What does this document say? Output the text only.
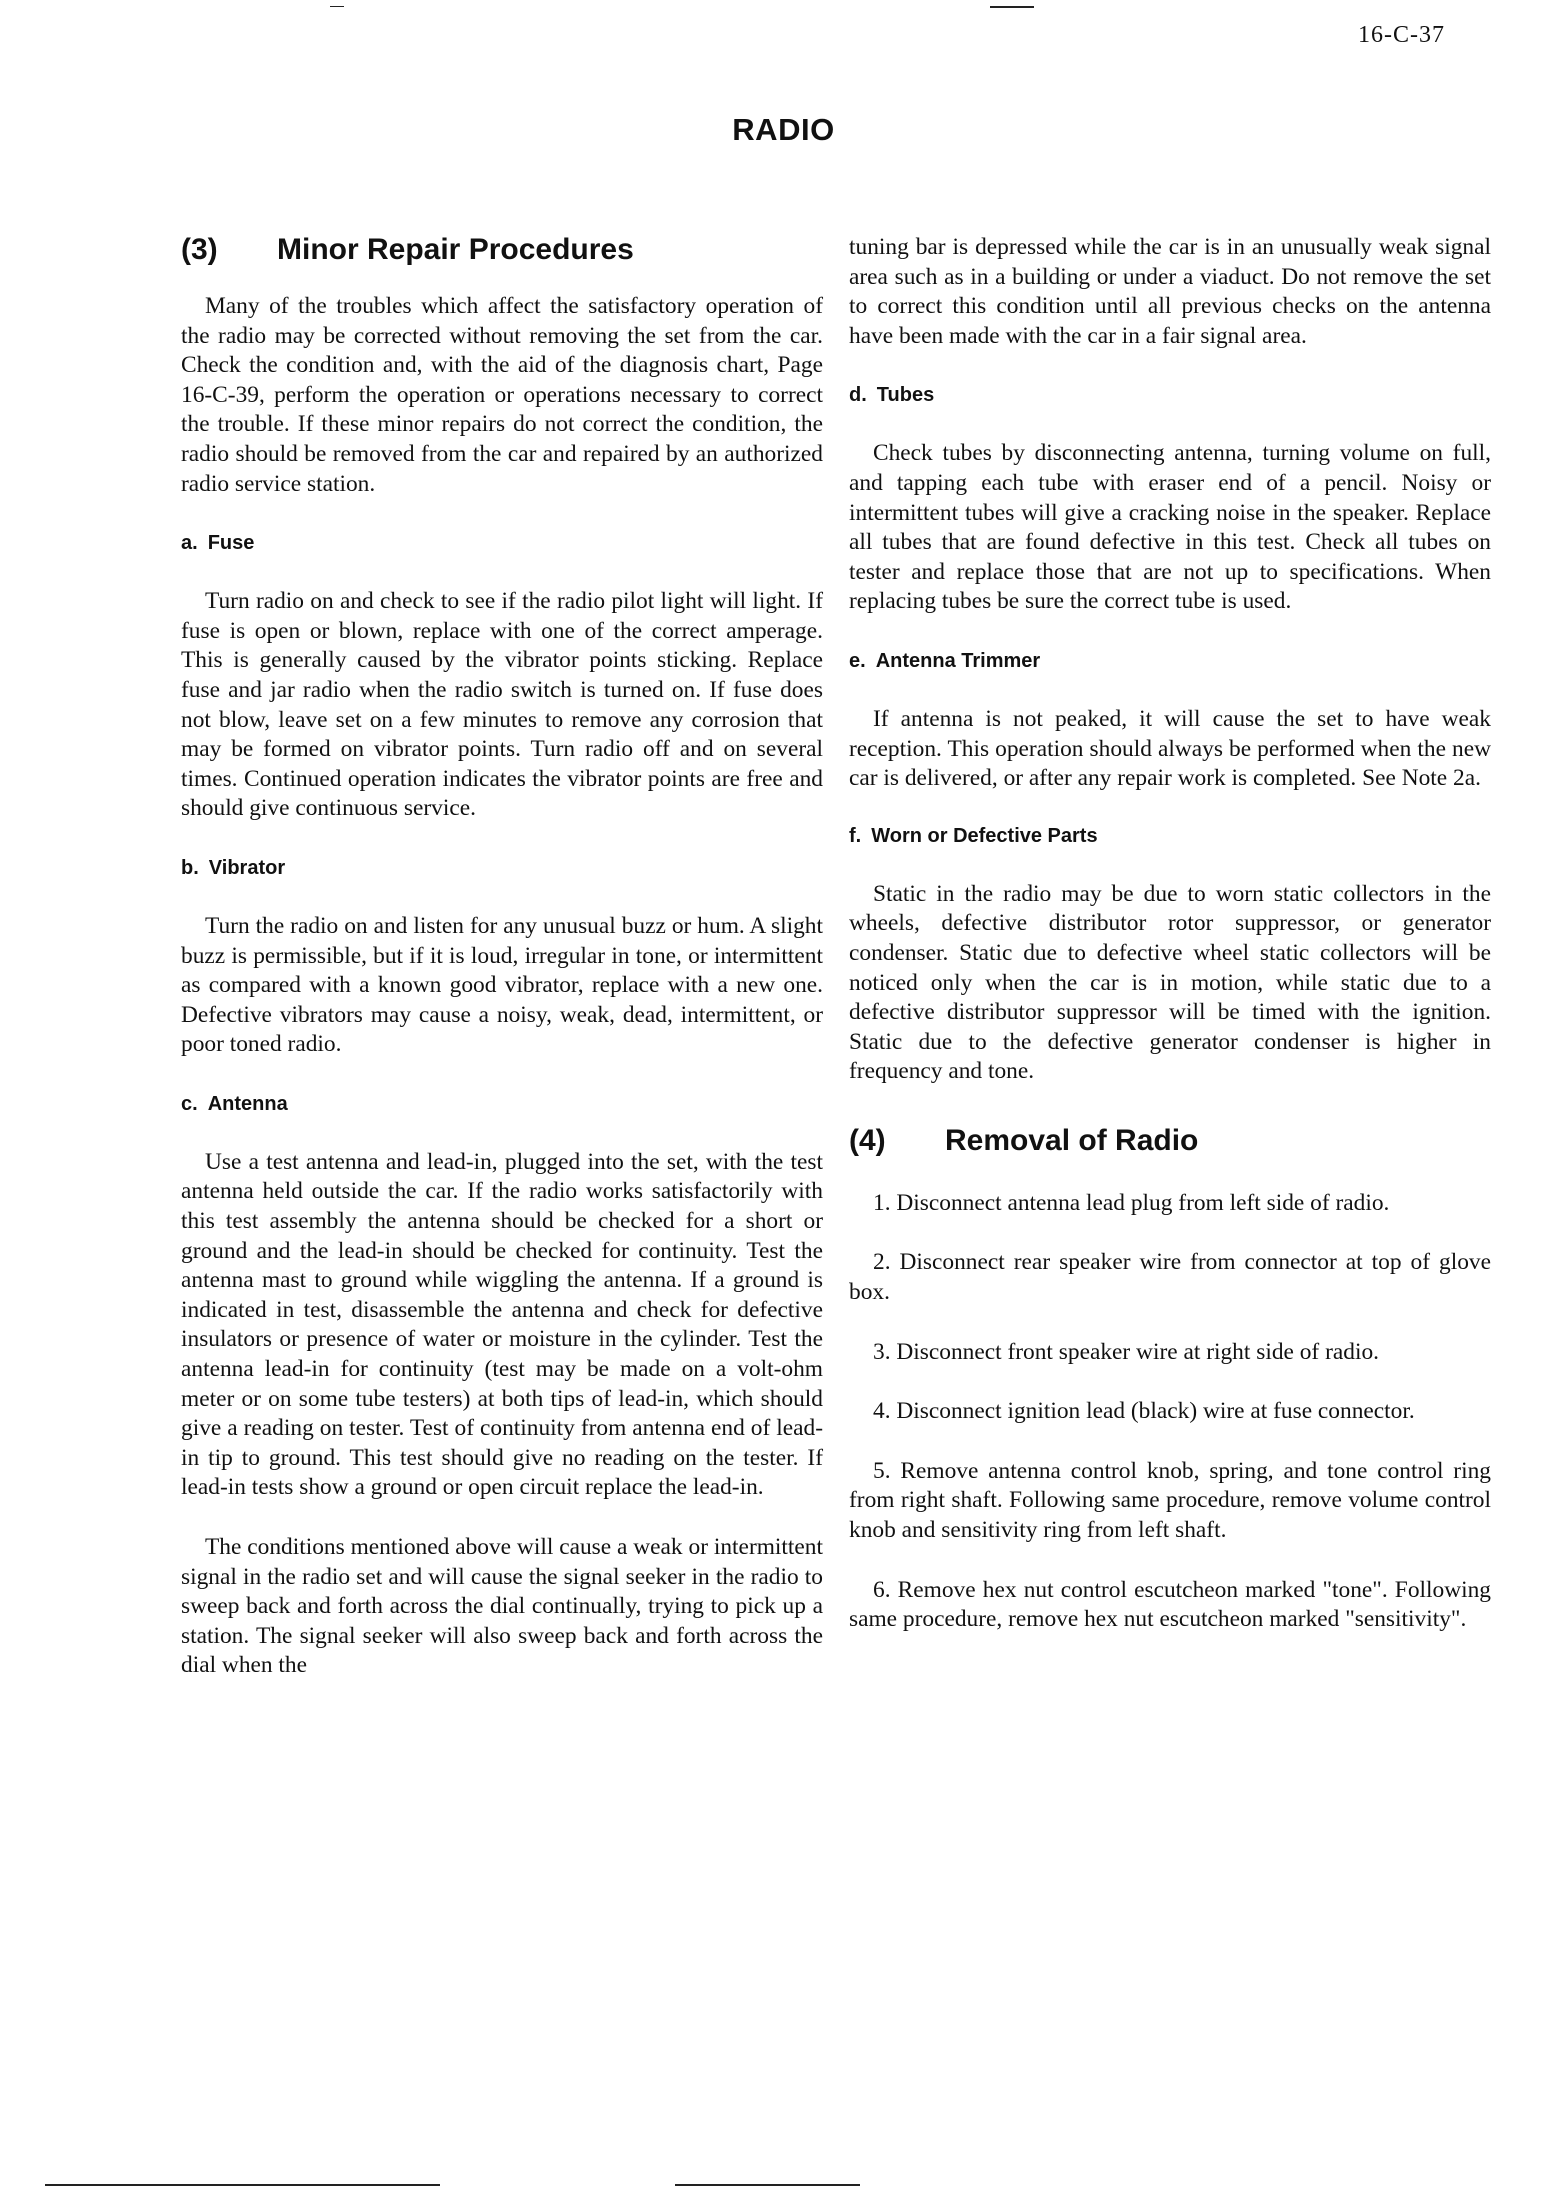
16-C-37
RADIO
(3)	Minor Repair Procedures

Many of the troubles which affect the satisfactory operation of the radio may be corrected without removing the set from the car. Check the condition and, with the aid of the diagnosis chart, Page 16-C-39, perform the operation or operations necessary to correct the trouble. If these minor repairs do not correct the condition, the radio should be removed from the car and repaired by an authorized radio service station.

a. Fuse

Turn radio on and check to see if the radio pilot light will light. If fuse is open or blown, replace with one of the correct amperage. This is generally caused by the vibrator points sticking. Replace fuse and jar radio when the radio switch is turned on. If fuse does not blow, leave set on a few minutes to remove any corrosion that may be formed on vibrator points. Turn radio off and on several times. Continued operation indicates the vibrator points are free and should give continuous service.

b. Vibrator

Turn the radio on and listen for any unusual buzz or hum. A slight buzz is permissible, but if it is loud, irregular in tone, or intermittent as compared with a known good vibrator, replace with a new one. Defective vibrators may cause a noisy, weak, dead, intermittent, or poor toned radio.

c. Antenna

Use a test antenna and lead-in, plugged into the set, with the test antenna held outside the car. If the radio works satisfactorily with this test assembly the antenna should be checked for a short or ground and the lead-in should be checked for continuity. Test the antenna mast to ground while wiggling the antenna. If a ground is indicated in test, disassemble the antenna and check for defective insulators or presence of water or moisture in the cylinder. Test the antenna lead-in for continuity (test may be made on a volt-ohm meter or on some tube testers) at both tips of lead-in, which should give a reading on tester. Test of continuity from antenna end of lead-in tip to ground. This test should give no reading on the tester. If lead-in tests show a ground or open circuit replace the lead-in.

The conditions mentioned above will cause a weak or intermittent signal in the radio set and will cause the signal seeker in the radio to sweep back and forth across the dial continually, trying to pick up a station. The signal seeker will also sweep back and forth across the dial when the

tuning bar is depressed while the car is in an unusually weak signal area such as in a building or under a viaduct. Do not remove the set to correct this condition until all previous checks on the antenna have been made with the car in a fair signal area.

d. Tubes

Check tubes by disconnecting antenna, turning volume on full, and tapping each tube with eraser end of a pencil. Noisy or intermittent tubes will give a cracking noise in the speaker. Replace all tubes that are found defective in this test. Check all tubes on tester and replace those that are not up to specifications. When replacing tubes be sure the correct tube is used.

e. Antenna Trimmer

If antenna is not peaked, it will cause the set to have weak reception. This operation should always be performed when the new car is delivered, or after any repair work is completed. See Note 2a.

f. Worn or Defective Parts

Static in the radio may be due to worn static collectors in the wheels, defective distributor rotor suppressor, or generator condenser. Static due to defective wheel static collectors will be noticed only when the car is in motion, while static due to a defective distributor suppressor will be timed with the ignition. Static due to the defective generator condenser is higher in frequency and tone.

(4)	Removal of Radio

1. Disconnect antenna lead plug from left side of radio.

2. Disconnect rear speaker wire from connector at top of glove box.

3. Disconnect front speaker wire at right side of radio.

4. Disconnect ignition lead (black) wire at fuse connector.

5. Remove antenna control knob, spring, and tone control ring from right shaft. Following same procedure, remove volume control knob and sensitivity ring from left shaft.

6. Remove hex nut control escutcheon marked "tone". Following same procedure, remove hex nut escutcheon marked "sensitivity".
